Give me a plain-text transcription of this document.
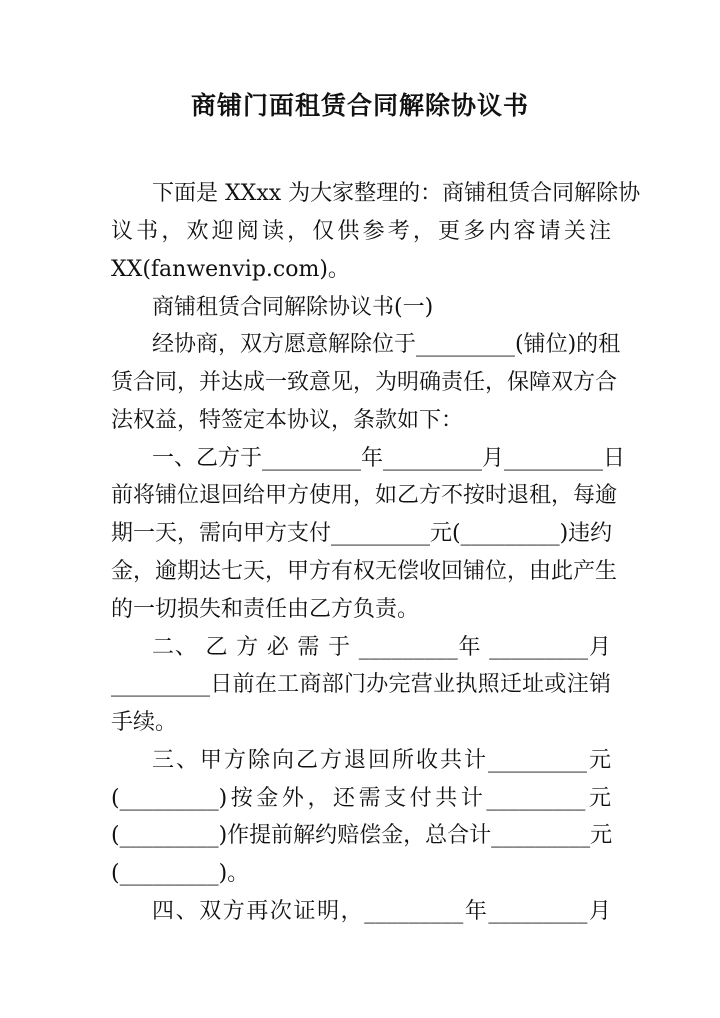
商铺门面租赁合同解除协议书
下面是 XXxx 为大家整理的：商铺租赁合同解除协
议书，欢迎阅读，仅供参考，更多内容请关注
XX(fanwenvip.com)。
商铺租赁合同解除协议书(一)
经协商，双方愿意解除位于_________(铺位)的租
赁合同，并达成一致意见，为明确责任，保障双方合
法权益，特签定本协议，条款如下：
一、乙方于_________年_________月_________日
前将铺位退回给甲方使用，如乙方不按时退租，每逾
期一天，需向甲方支付_________元(_________)违约
金，逾期达七天，甲方有权无偿收回铺位，由此产生
的一切损失和责任由乙方负责。
二、 乙 方 必 需 于 _________年 _________月
_________日前在工商部门办完营业执照迁址或注销
手续。
三、甲方除向乙方退回所收共计_________元
(_________)按金外，还需支付共计_________元
(_________)作提前解约赔偿金，总合计_________元
(_________)。
四、双方再次证明，_________年_________月
